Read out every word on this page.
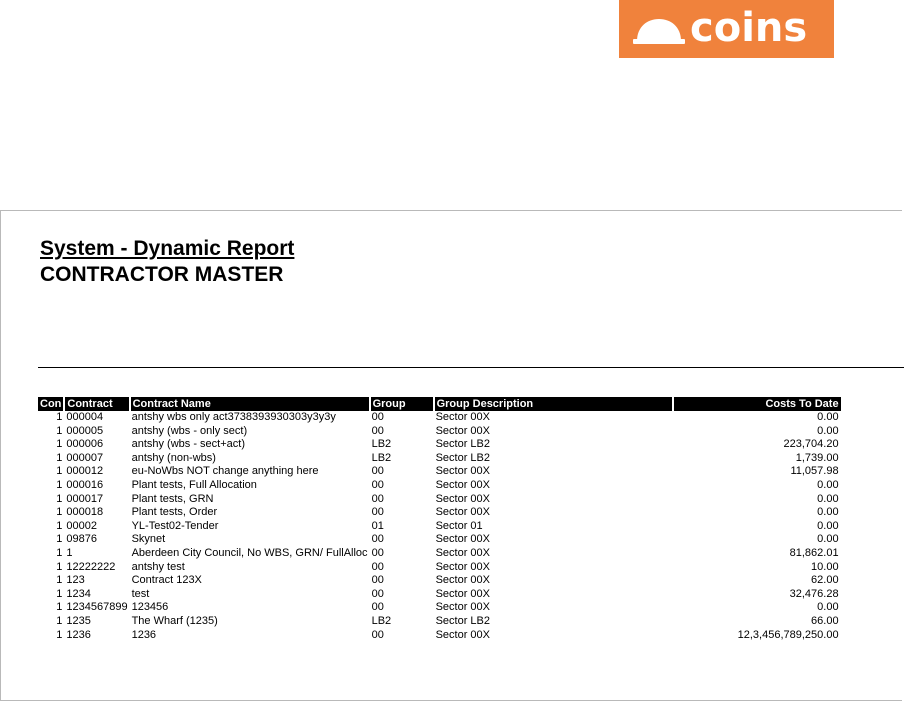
coins
System - Dynamic Report
CONTRACTOR MASTER
Con	Contract	Contract Name	Group	Group Description	Costs To Date
1	000004	antshy wbs only act3738393930303y3y3y	00	Sector 00X	0.00
1	000005	antshy (wbs - only sect)	00	Sector 00X	0.00
1	000006	antshy (wbs - sect+act)	LB2	Sector LB2	223,704.20
1	000007	antshy (non-wbs)	LB2	Sector LB2	1,739.00
1	000012	eu-NoWbs NOT change anything here	00	Sector 00X	11,057.98
1	000016	Plant tests, Full Allocation	00	Sector 00X	0.00
1	000017	Plant tests, GRN	00	Sector 00X	0.00
1	000018	Plant tests, Order	00	Sector 00X	0.00
1	00002	YL-Test02-Tender	01	Sector 01	0.00
1	09876	Skynet	00	Sector 00X	0.00
1	1	Aberdeen City Council, No WBS, GRN/ FullAlloc	00	Sector 00X	81,862.01
1	12222222	antshy test	00	Sector 00X	10.00
1	123	Contract 123X	00	Sector 00X	62.00
1	1234	test	00	Sector 00X	32,476.28
1	1234567899	123456	00	Sector 00X	0.00
1	1235	The Wharf (1235)	LB2	Sector LB2	66.00
1	1236	1236	00	Sector 00X	12,3,456,789,250.00
